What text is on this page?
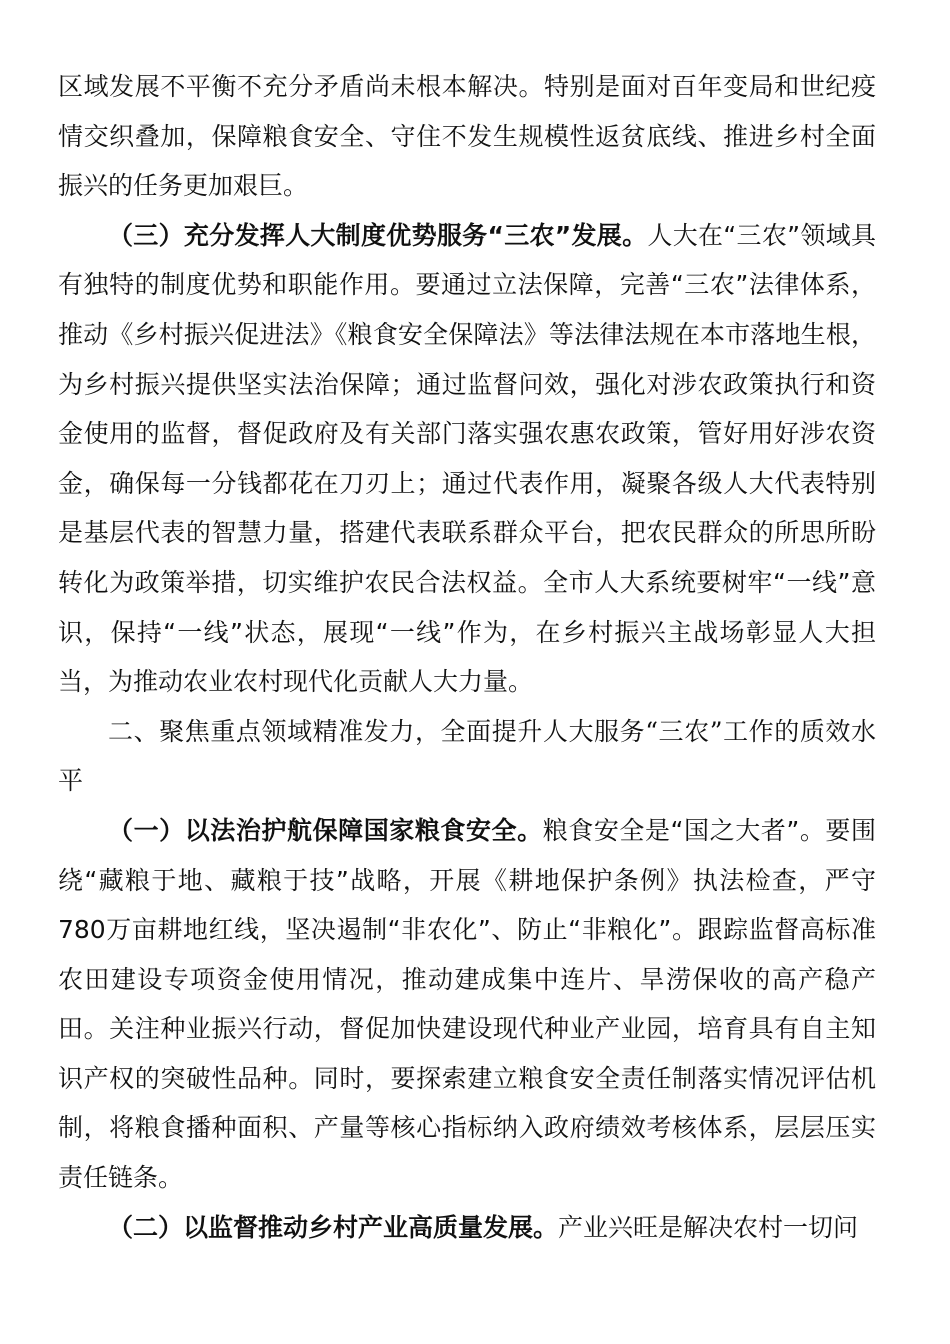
区域发展不平衡不充分矛盾尚未根本解决。特别是面对百年变局和世纪疫情交织叠加，保障粮食安全、守住不发生规模性返贫底线、推进乡村全面振兴的任务更加艰巨。

（三）充分发挥人大制度优势服务“三农”发展。人大在“三农”领域具有独特的制度优势和职能作用。要通过立法保障，完善“三农”法律体系，推动《乡村振兴促进法》《粮食安全保障法》等法律法规在本市落地生根，为乡村振兴提供坚实法治保障；通过监督问效，强化对涉农政策执行和资金使用的监督，督促政府及有关部门落实强农惠农政策，管好用好涉农资金，确保每一分钱都花在刀刃上；通过代表作用，凝聚各级人大代表特别是基层代表的智慧力量，搭建代表联系群众平台，把农民群众的所思所盼转化为政策举措，切实维护农民合法权益。全市人大系统要树牢“一线”意识，保持“一线”状态，展现“一线”作为，在乡村振兴主战场彰显人大担当，为推动农业农村现代化贡献人大力量。

二、聚焦重点领域精准发力，全面提升人大服务“三农”工作的质效水平

（一）以法治护航保障国家粮食安全。粮食安全是“国之大者”。要围绕“藏粮于地、藏粮于技”战略，开展《耕地保护条例》执法检查，严守780万亩耕地红线，坚决遏制“非农化”、防止“非粮化”。跟踪监督高标准农田建设专项资金使用情况，推动建成集中连片、旱涝保收的高产稳产田。关注种业振兴行动，督促加快建设现代种业产业园，培育具有自主知识产权的突破性品种。同时，要探索建立粮食安全责任制落实情况评估机制，将粮食播种面积、产量等核心指标纳入政府绩效考核体系，层层压实责任链条。

（二）以监督推动乡村产业高质量发展。产业兴旺是解决农村一切问
